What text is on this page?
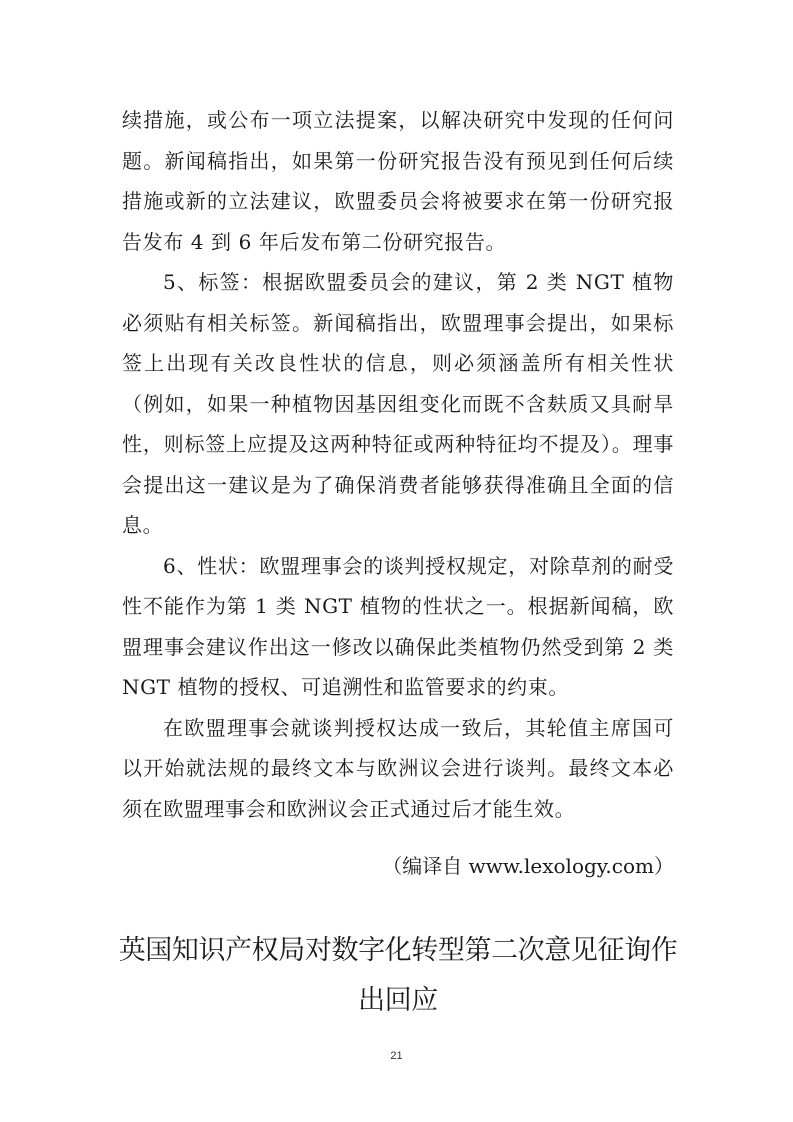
续措施，或公布一项立法提案，以解决研究中发现的任何问题。新闻稿指出，如果第一份研究报告没有预见到任何后续措施或新的立法建议，欧盟委员会将被要求在第一份研究报告发布 4 到 6 年后发布第二份研究报告。

5、标签：根据欧盟委员会的建议，第 2 类 NGT 植物必须贴有相关标签。新闻稿指出，欧盟理事会提出，如果标签上出现有关改良性状的信息，则必须涵盖所有相关性状（例如，如果一种植物因基因组变化而既不含麸质又具耐旱性，则标签上应提及这两种特征或两种特征均不提及）。理事会提出这一建议是为了确保消费者能够获得准确且全面的信息。

6、性状：欧盟理事会的谈判授权规定，对除草剂的耐受性不能作为第 1 类 NGT 植物的性状之一。根据新闻稿，欧盟理事会建议作出这一修改以确保此类植物仍然受到第 2 类 NGT 植物的授权、可追溯性和监管要求的约束。

在欧盟理事会就谈判授权达成一致后，其轮值主席国可以开始就法规的最终文本与欧洲议会进行谈判。最终文本必须在欧盟理事会和欧洲议会正式通过后才能生效。

（编译自 www.lexology.com）
英国知识产权局对数字化转型第二次意见征询作出回应
21
